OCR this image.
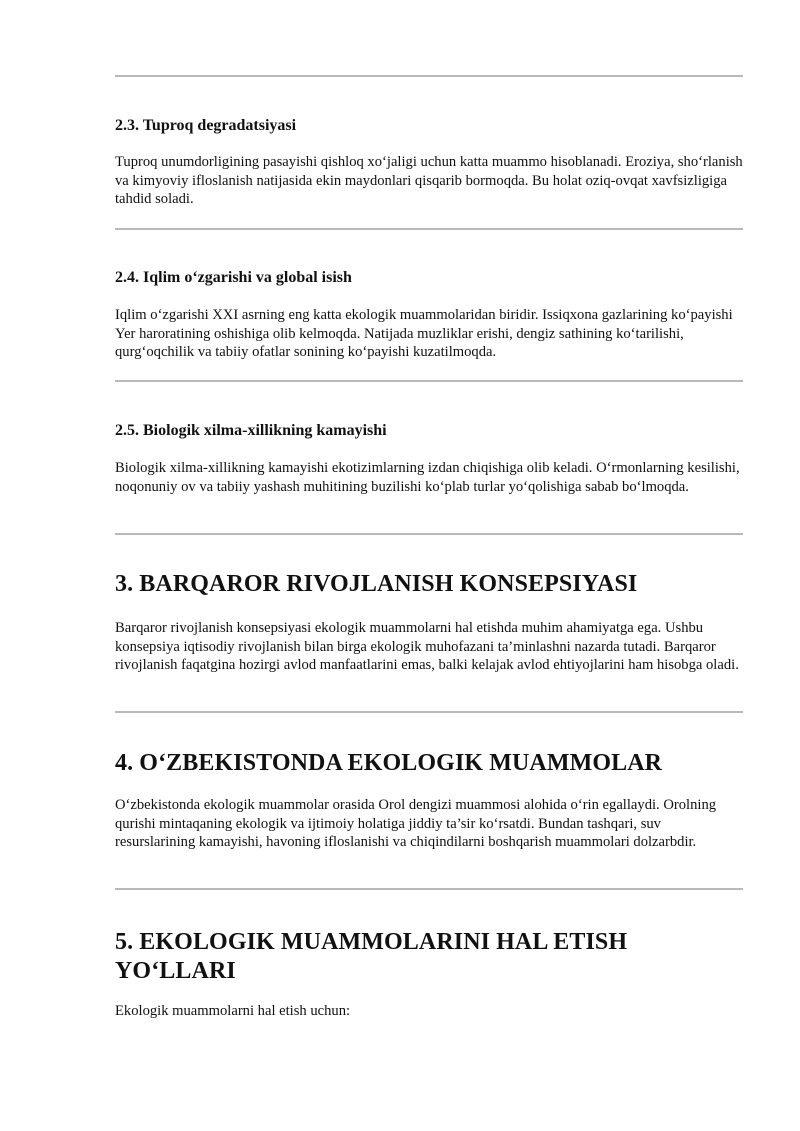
2.3. Tuproq degradatsiyasi

Tuproq unumdorligining pasayishi qishloq xo‘jaligi uchun katta muammo hisoblanadi. Eroziya, sho‘rlanish va kimyoviy ifloslanish natijasida ekin maydonlari qisqarib bormoqda. Bu holat oziq-ovqat xavfsizligiga tahdid soladi.

2.4. Iqlim o‘zgarishi va global isish

Iqlim o‘zgarishi XXI asrning eng katta ekologik muammolaridan biridir. Issiqxona gazlarining ko‘payishi Yer haroratining oshishiga olib kelmoqda. Natijada muzliklar erishi, dengiz sathining ko‘tarilishi, qurg‘oqchilik va tabiiy ofatlar sonining ko‘payishi kuzatilmoqda.

2.5. Biologik xilma-xillikning kamayishi

Biologik xilma-xillikning kamayishi ekotizimlarning izdan chiqishiga olib keladi. O‘rmonlarning kesilishi, noqonuniy ov va tabiiy yashash muhitining buzilishi ko‘plab turlar yo‘qolishiga sabab bo‘lmoqda.

3. BARQAROR RIVOJLANISH KONSEPSIYASI

Barqaror rivojlanish konsepsiyasi ekologik muammolarni hal etishda muhim ahamiyatga ega. Ushbu konsepsiya iqtisodiy rivojlanish bilan birga ekologik muhofazani ta’minlashni nazarda tutadi. Barqaror rivojlanish faqatgina hozirgi avlod manfaatlarini emas, balki kelajak avlod ehtiyojlarini ham hisobga oladi.

4. O‘ZBEKISTONDA EKOLOGIK MUAMMOLAR

O‘zbekistonda ekologik muammolar orasida Orol dengizi muammosi alohida o‘rin egallaydi. Orolning qurishi mintaqaning ekologik va ijtimoiy holatiga jiddiy ta’sir ko‘rsatdi. Bundan tashqari, suv resurslarining kamayishi, havoning ifloslanishi va chiqindilarni boshqarish muammolari dolzarbdir.

5. EKOLOGIK MUAMMOLARINI HAL ETISH YO‘LLARI

Ekologik muammolarni hal etish uchun:
